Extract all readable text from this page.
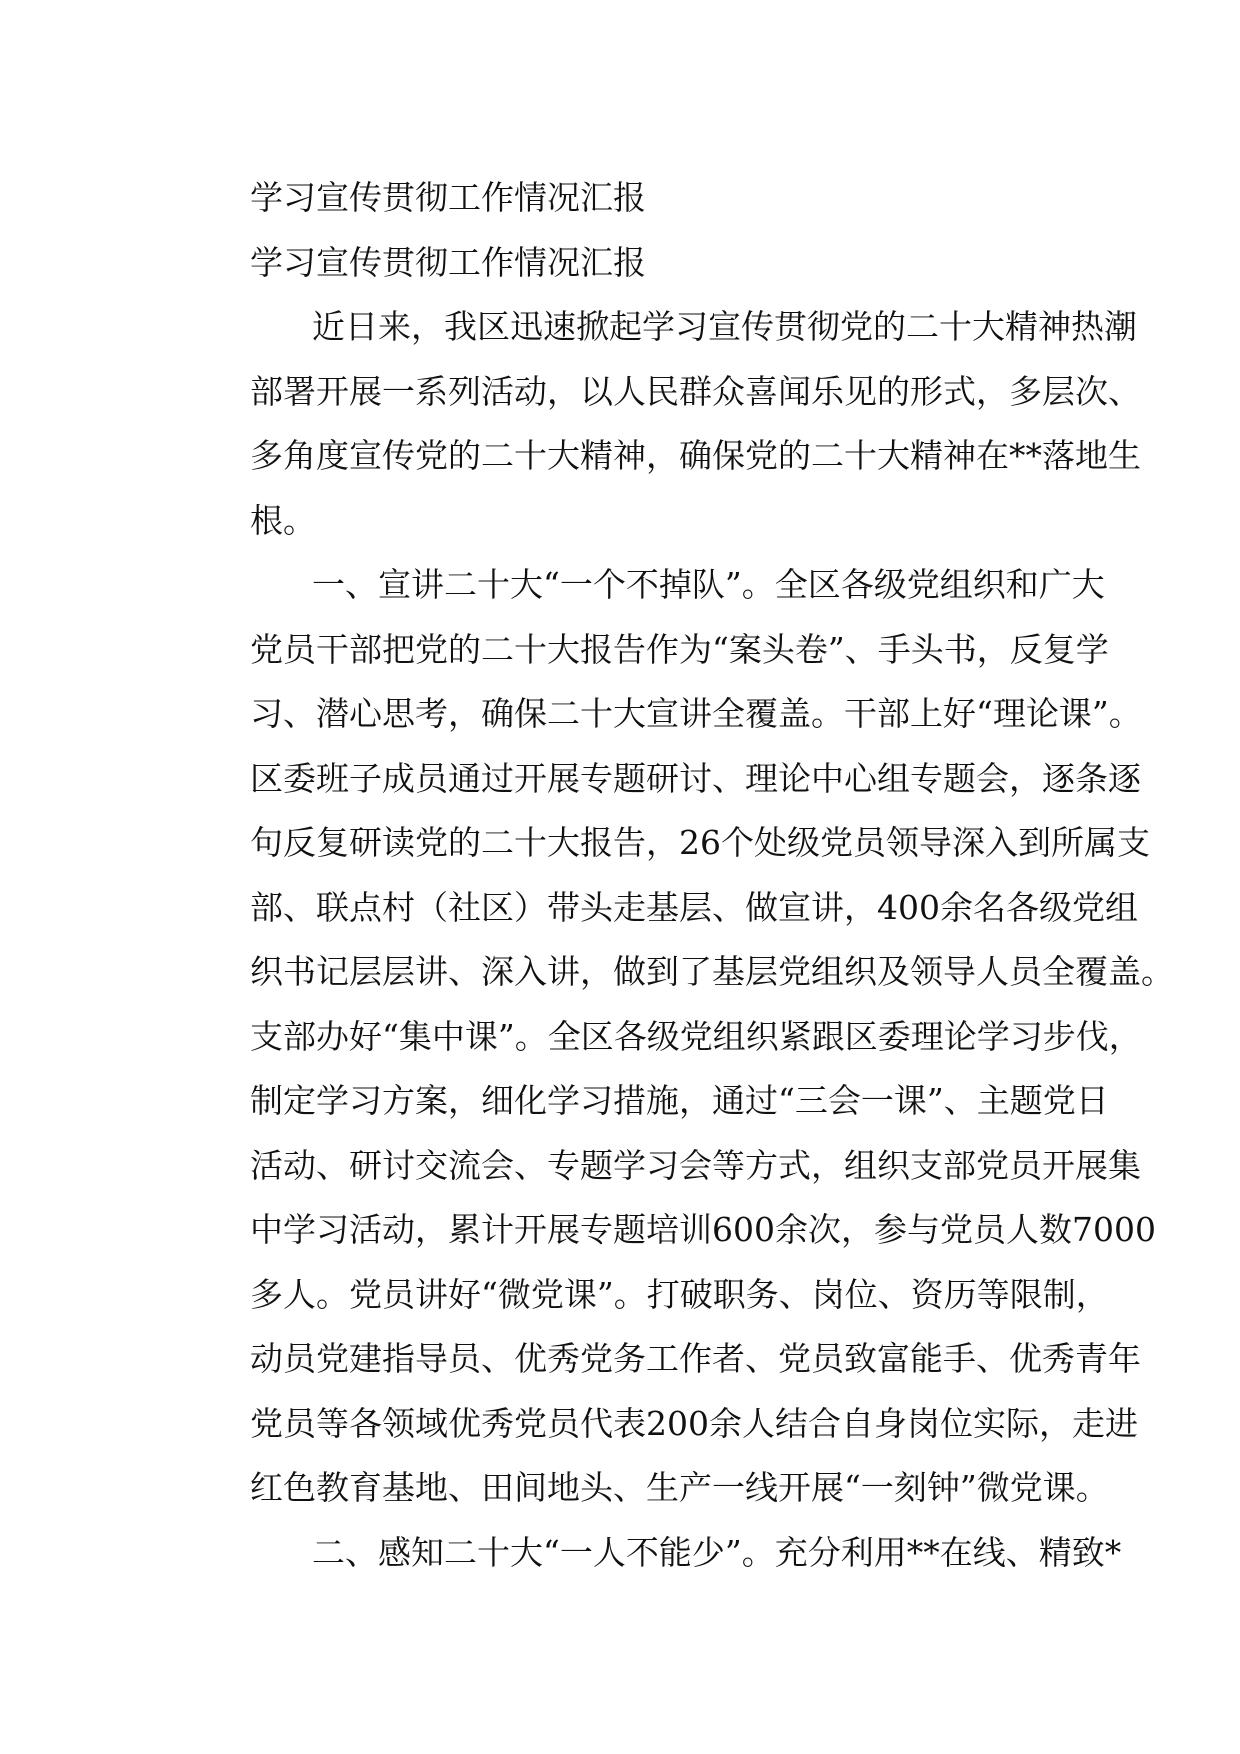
学习宣传贯彻工作情况汇报
学习宣传贯彻工作情况汇报
近日来，我区迅速掀起学习宣传贯彻党的二十大精神热潮
部署开展一系列活动，以人民群众喜闻乐见的形式，多层次、
多角度宣传党的二十大精神，确保党的二十大精神在**落地生
根。
一、宣讲二十大“一个不掉队”。全区各级党组织和广大
党员干部把党的二十大报告作为“案头卷”、手头书，反复学
习、潜心思考，确保二十大宣讲全覆盖。干部上好“理论课”。
区委班子成员通过开展专题研讨、理论中心组专题会，逐条逐
句反复研读党的二十大报告，26个处级党员领导深入到所属支
部、联点村（社区）带头走基层、做宣讲，400余名各级党组
织书记层层讲、深入讲，做到了基层党组织及领导人员全覆盖。
支部办好“集中课”。全区各级党组织紧跟区委理论学习步伐，
制定学习方案，细化学习措施，通过“三会一课”、主题党日
活动、研讨交流会、专题学习会等方式，组织支部党员开展集
中学习活动，累计开展专题培训600余次，参与党员人数7000
多人。党员讲好“微党课”。打破职务、岗位、资历等限制，
动员党建指导员、优秀党务工作者、党员致富能手、优秀青年
党员等各领域优秀党员代表200余人结合自身岗位实际，走进
红色教育基地、田间地头、生产一线开展“一刻钟”微党课。
二、感知二十大“一人不能少”。充分利用**在线、精致*
